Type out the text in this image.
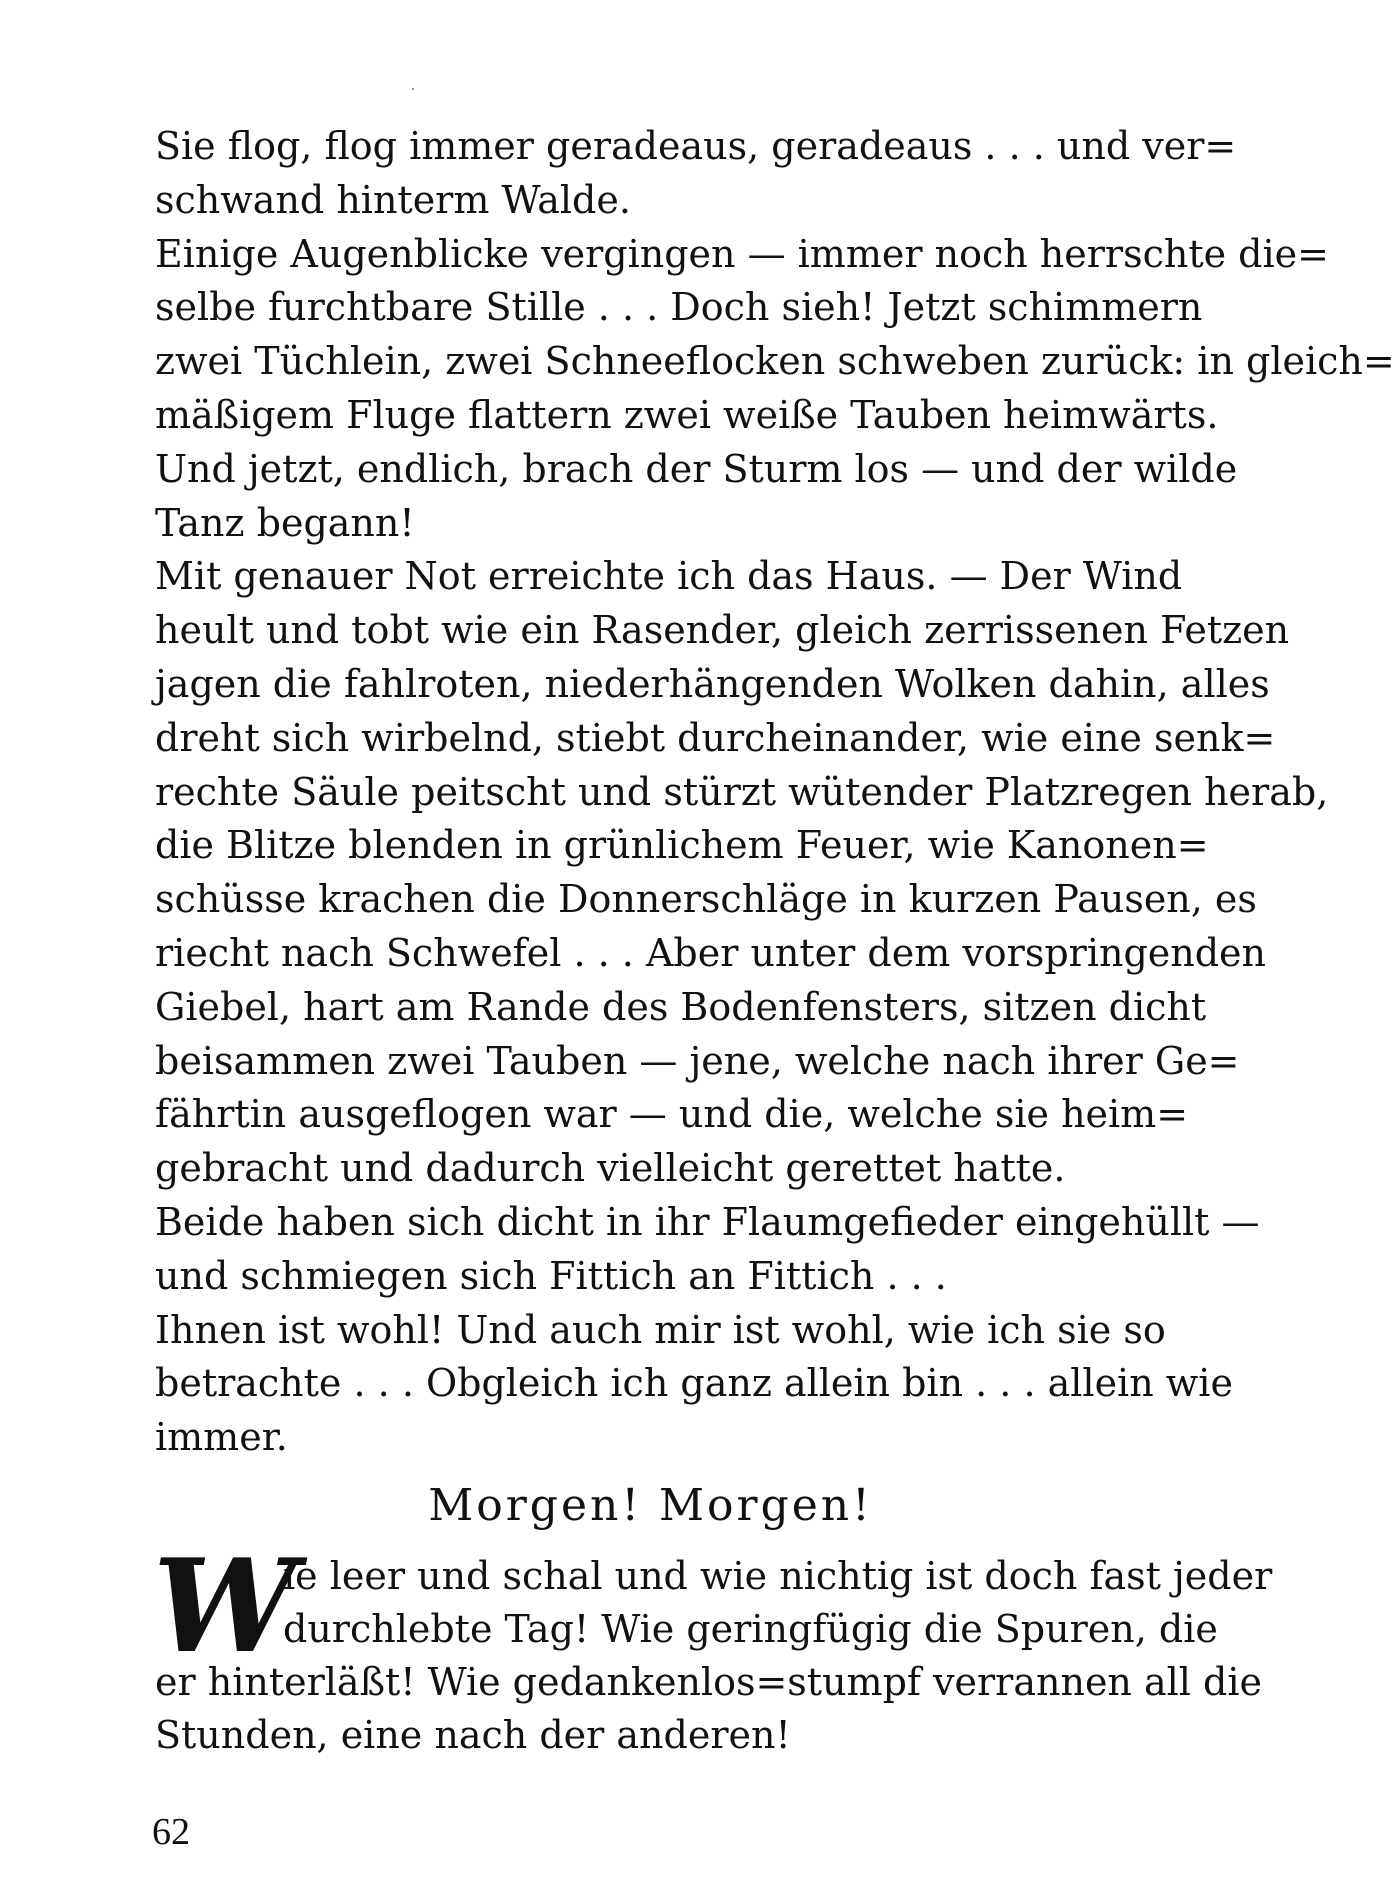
Sie flog, flog immer geradeaus, geradeaus . . . und ver=
schwand hinterm Walde.
Einige Augenblicke vergingen — immer noch herrschte die=
selbe furchtbare Stille . . . Doch sieh! Jetzt schimmern
zwei Tüchlein, zwei Schneeflocken schweben zurück: in gleich=
mäßigem Fluge flattern zwei weiße Tauben heimwärts.
Und jetzt, endlich, brach der Sturm los — und der wilde
Tanz begann!
Mit genauer Not erreichte ich das Haus. — Der Wind
heult und tobt wie ein Rasender, gleich zerrissenen Fetzen
jagen die fahlroten, niederhängenden Wolken dahin, alles
dreht sich wirbelnd, stiebt durcheinander, wie eine senk=
rechte Säule peitscht und stürzt wütender Platzregen herab,
die Blitze blenden in grünlichem Feuer, wie Kanonen=
schüsse krachen die Donnerschläge in kurzen Pausen, es
riecht nach Schwefel . . . Aber unter dem vorspringenden
Giebel, hart am Rande des Bodenfensters, sitzen dicht
beisammen zwei Tauben — jene, welche nach ihrer Ge=
fährtin ausgeflogen war — und die, welche sie heim=
gebracht und dadurch vielleicht gerettet hatte.
Beide haben sich dicht in ihr Flaumgefieder eingehüllt —
und schmiegen sich Fittich an Fittich . . .
Ihnen ist wohl! Und auch mir ist wohl, wie ich sie so
betrachte . . . Obgleich ich ganz allein bin . . . allein wie
immer.
Morgen! Morgen!
W
ie leer und schal und wie nichtig ist doch fast jeder
durchlebte Tag! Wie geringfügig die Spuren, die
er hinterläßt! Wie gedankenlos=stumpf verrannen all die
Stunden, eine nach der anderen!
62
